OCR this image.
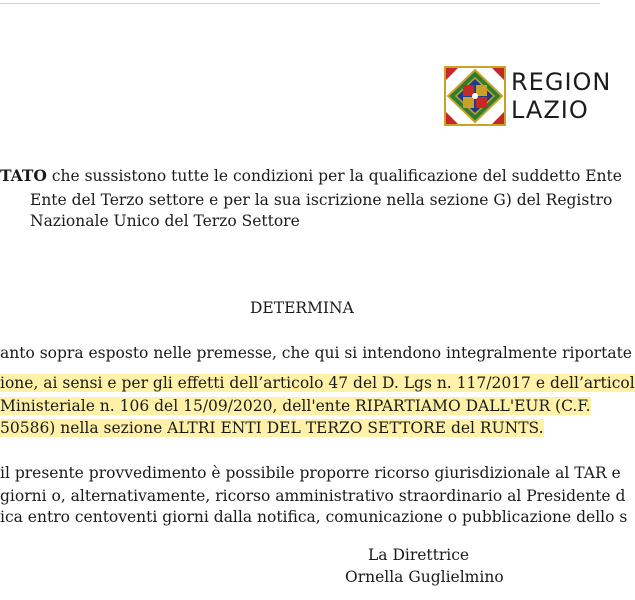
REGION
LAZIO
TATO che sussistono tutte le condizioni per la qualificazione del suddetto Ente
Ente del Terzo settore e per la sua iscrizione nella sezione G) del Registro
Nazionale Unico del Terzo Settore
DETERMINA
anto sopra esposto nelle premesse, che qui si intendono integralmente riportate
ione, ai sensi e per gli effetti dell’articolo 47 del D. Lgs n. 117/2017 e dell’articol
Ministeriale n. 106 del 15/09/2020, dell'ente RIPARTIAMO DALL'EUR (C.F.
50586) nella sezione ALTRI ENTI DEL TERZO SETTORE del RUNTS.
il presente provvedimento è possibile proporre ricorso giurisdizionale al TAR e
giorni o, alternativamente, ricorso amministrativo straordinario al Presidente d
ica entro centoventi giorni dalla notifica, comunicazione o pubblicazione dello s
La Direttrice
Ornella Guglielmino
